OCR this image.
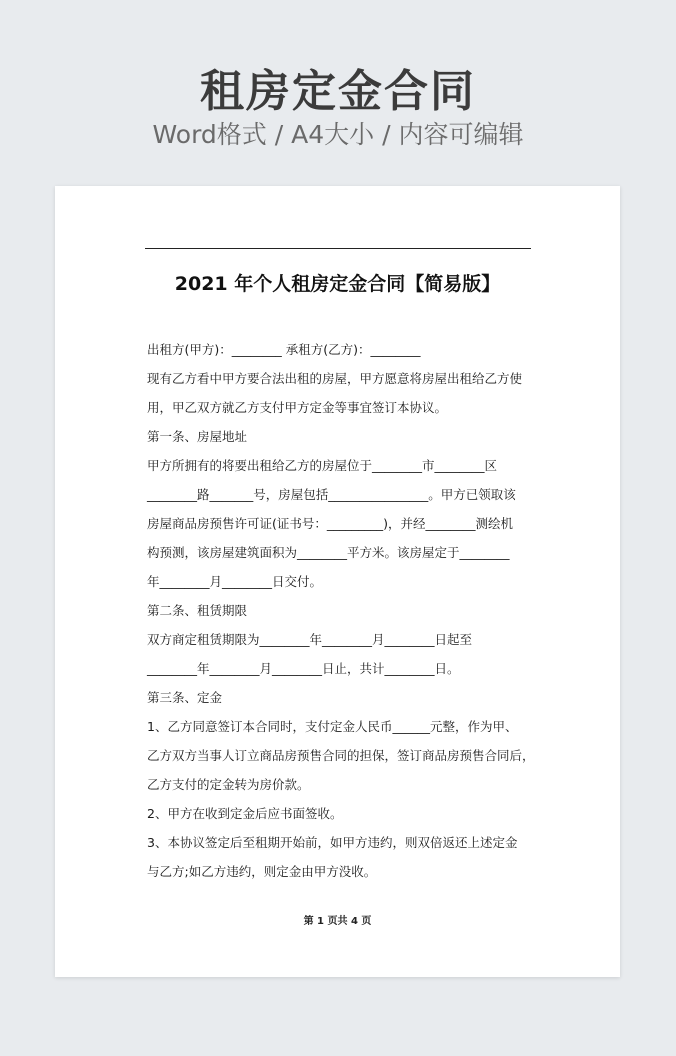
租房定金合同
Word格式 / A4大小 / 内容可编辑
2021 年个人租房定金合同【简易版】
出租方(甲方)：________ 承租方(乙方)：________
现有乙方看中甲方要合法出租的房屋，甲方愿意将房屋出租给乙方使
用，甲乙双方就乙方支付甲方定金等事宜签订本协议。
第一条、房屋地址
甲方所拥有的将要出租给乙方的房屋位于________市________区
________路_______号，房屋包括________________。甲方已领取该
房屋商品房预售许可证(证书号：_________)，并经________测绘机
构预测，该房屋建筑面积为________平方米。该房屋定于________
年________月________日交付。
第二条、租赁期限
双方商定租赁期限为________年________月________日起至
________年________月________日止，共计________日。
第三条、定金
1、乙方同意签订本合同时，支付定金人民币______元整，作为甲、
乙方双方当事人订立商品房预售合同的担保，签订商品房预售合同后，
乙方支付的定金转为房价款。
2、甲方在收到定金后应书面签收。
3、本协议签定后至租期开始前，如甲方违约，则双倍返还上述定金
与乙方;如乙方违约，则定金由甲方没收。
第 1 页共 4 页
